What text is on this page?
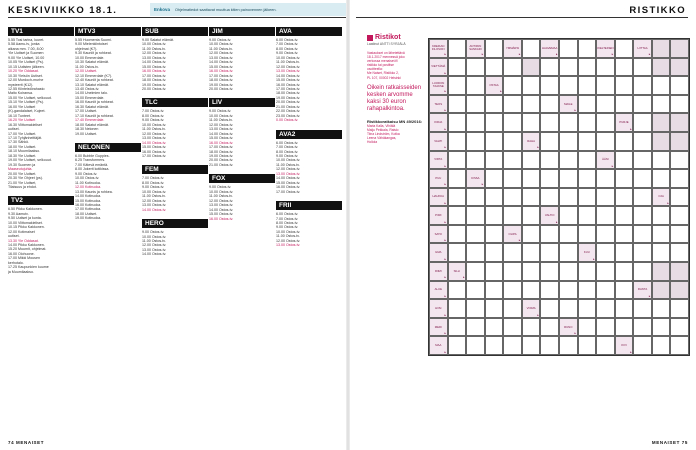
KESKIVIIKKO 18.1.	RISTIKKO
Enkova Ohjelmatiedot saattavat muuttua kitien painovennen jälkeen.
TV1
5.55 Tosi tarina, luuret.
5.58 Aamu-tv, jonka
aikana mm. 7.00, 8.00
Yle Uutiset ja Suomen
9.00 Yle Uutiset, 10.00
10.05 Yle Uutiset (Ps).
10.15 Uutisten jälkeen.
10.20 Yle Oddasat.
10.30 Yleisön Uutiset.
12.00 Murdoch-murhe
mysteerit (K12).
12.55 Kiinteistörahasto
Maito Koiransa.
15.00 Yle Uutiset, selkouut.
15.10 Yle Uutiset (Ps).
16.00 Yle Uutiset
(K)-gandalaiset, Kujeet.
16.10 Tunteet.
16.20 Yle Uutiset
16.30 Viittomakieliset
uutiset.
17.00 Yle Uutiset.
17.10 Tyhjänheittäjät.
17.30 Sähkö.
18.00 Yle Uutiset.
18.10 Muumilaakso.
18.30 Yle Uutiset.
19.00 Yle Uutiset, selkouut.
19.30 Suomen ja
Maaseutujuhla.
20.00 Yle Uutiset.
20.30 Yle Ohjeet (ps).
21.00 Yle Uutiset,
Tilaisuus ja ehdot.
TV2
6.50 Pikku Kakkonen.
9.30 Aamutv.
9.50 Uutiset ja kunta.
10.00 Viittomakieliset.
10.15 Pikku Kakkonen.
12.00 Kotimaiset
uutiset.
13.30 Yle Oddasat.
14.00 Pikku Kakkonen.
15.20 Muumit, ohjelmat.
16.00 Olohuone.
17.00 Mikki Mousen
kerhotalo.
17.25 Kaupunkien kuume
ja Muumilaakso.
MTV3
5.55 Huomenta Suomi.
9.00 Mielenkiintoiset
ohjelmat (K7).
9.30 Kauniit ja rohkeat.
10.00 Emmerdale.
10.30 Salatut elämät.
11.00 Ostos-tv.
12.00 Uutiset.
12.10 Emmerdale (K7).
12.40 Kauniit ja rohkeat.
13.10 Salatut elämät.
13.40 Ostos-tv.
14.00 Unelmien talo.
15.00 Emmerdale.
16.00 Kauniit ja rohkeat.
16.30 Salatut elämät.
17.00 Uutiset.
17.10 Kauniit ja rohkeat.
17.40 Emmerdale.
18.00 Salatut elämät.
18.30 Nelonen
19.00 Uutiset.
NELONEN
6.00 Bubble Guppies.
6.25 Transformers.
7.00 Kätevä emäntä.
8.00 Jokerit kotikissa.
9.00 Ostos-tv.
10.00 Ostos-tv.
11.00 Kotiruoka.
12.00 Kotiruoka.
13.00 Kaunis ja rohkea.
14.00 Kotiruoka.
15.00 Kotiruoka.
16.00 Kotiruoka.
17.00 Kotiruoka.
18.00 Uutiset.
19.00 Kotiruoka.
SUB
9.00 Salatut elämät.
10.00 Ostos-tv.
11.00 Ostos-tv.
12.00 Ostos-tv.
13.00 Ostos-tv.
14.00 Ostos-tv.
15.00 Ostos-tv.
16.00 Ostos-tv.
17.00 Ostos-tv.
18.00 Ostos-tv.
19.00 Ostos-tv.
20.00 Ostos-tv.
TLC
7.00 Ostos-tv.
8.00 Ostos-tv.
9.00 Ostos-tv.
10.00 Ostos-tv.
11.00 Ostos-tv.
12.00 Ostos-tv.
13.00 Ostos-tv.
14.00 Ostos-tv.
15.00 Ostos-tv.
16.00 Ostos-tv.
17.00 Ostos-tv.
FEM
7.00 Ostos-tv.
8.00 Ostos-tv.
9.00 Ostos-tv.
10.00 Ostos-tv.
11.00 Ostos-tv.
12.00 Ostos-tv.
13.00 Ostos-tv.
14.00 Ostos-tv.
HERO
9.00 Ostos-tv.
10.00 Ostos-tv.
11.00 Ostos-tv.
12.00 Ostos-tv.
13.00 Ostos-tv.
14.00 Ostos-tv.
JIM
9.00 Ostos-tv.
10.00 Ostos-tv.
11.00 Ostos-tv.
12.00 Ostos-tv.
13.00 Ostos-tv.
14.00 Ostos-tv.
15.00 Ostos-tv.
16.00 Ostos-tv.
17.00 Ostos-tv.
18.00 Ostos-tv.
19.00 Ostos-tv.
20.00 Ostos-tv.
LIV
9.00 Ostos-tv.
10.00 Ostos-tv.
11.00 Ostos-tv.
12.00 Ostos-tv.
13.00 Ostos-tv.
14.00 Ostos-tv.
15.00 Ostos-tv.
16.00 Ostos-tv.
17.00 Ostos-tv.
18.00 Ostos-tv.
19.00 Ostos-tv.
20.00 Ostos-tv.
21.00 Ostos-tv.
FOX
9.00 Ostos-tv.
10.00 Ostos-tv.
11.00 Ostos-tv.
12.00 Ostos-tv.
13.00 Ostos-tv.
14.00 Ostos-tv.
15.00 Ostos-tv.
16.00 Ostos-tv.
AVA
6.00 Ostos-tv.
7.00 Ostos-tv.
8.00 Ostos-tv.
9.00 Ostos-tv.
10.00 Ostos-tv.
11.00 Ostos-tv.
12.00 Ostos-tv.
13.00 Ostos-tv.
14.00 Ostos-tv.
15.00 Ostos-tv.
16.00 Ostos-tv.
17.00 Ostos-tv.
18.00 Ostos-tv.
19.00 Ostos-tv.
20.00 Ostos-tv.
21.00 Ostos-tv.
22.00 Ostos-tv.
23.00 Ostos-tv.
0.00 Ostos-tv.
AVA2
6.00 Ostos-tv.
7.00 Ostos-tv.
8.00 Ostos-tv.
9.00 Ostos-tv.
10.00 Ostos-tv.
11.00 Ostos-tv.
12.00 Ostos-tv.
13.00 Ostos-tv.
14.00 Ostos-tv.
15.00 Ostos-tv.
16.00 Ostos-tv.
17.00 Ostos-tv.
FRII
6.00 Ostos-tv.
7.00 Ostos-tv.
8.00 Ostos-tv.
9.00 Ostos-tv.
10.00 Ostos-tv.
11.00 Ostos-tv.
12.00 Ostos-tv.
13.00 Ostos-tv.
Ristikot
Laatinut ANTTI SYRJÄLÄ
Vastaukset on lähetettävä
18.1.2017 mennessä joko
verkossa menaiset.fi/
ristikko tai postitse
osoitteella:
Me Naiset, Ristikko 2,
PL 107, 00002 Helsinki
Oikein ratkaisseiden kesken arvomme kaksi 30 euron rahapalkintoa.
Ristikkoratkaisu MN 49/2016:
Maria Kalla, Vihiälä
Maiju Pekkala, Raisio
Tiina Lindström, Kotka
Leena Vähäkangas,
Hollola
KREIKAN FILOSOFI
▸
ANTIIKIN SANKARI
▸
YMMÄRSI
▸
HAAVEMAA
▸
KIELTEINEN
▸
LIITTAA
▸
VIETTÄMÄ
▸
LUODON TAAKSE
▸
OSTAA
▸
TEOS
▸
MAILE
▸
KIRJA
▸
PURJE
▸
VAHTI
▸
RAHA
▸
VIRTA
▸
ÄÄNI
▸
PUU
▸
KISSA
▸
HAUKKA
▸
OJA
▸
PIIRI
▸
VALTIO
▸
SATO
▸
OLIPA
▸
ILMA
▸
KUU
▸
RIIMI
▸
SILLI
▸
ALUE
▸
RANTA
▸
HIISI
▸
VOIMA
▸
MERI
▸
RUNO
▸
MAA
▸
KIVI
▸
74 MENAISET	MENAISET 75
